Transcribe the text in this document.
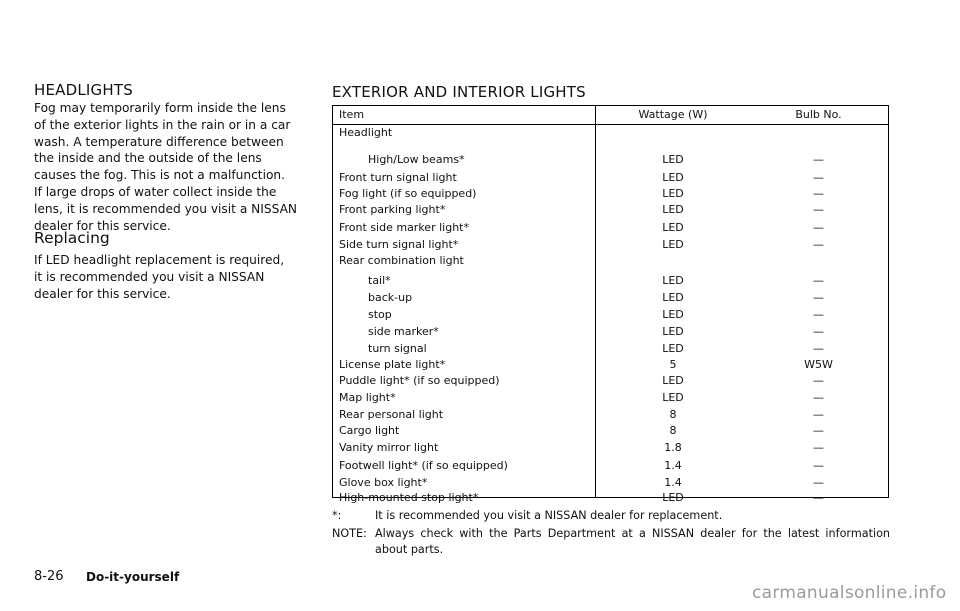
HEADLIGHTS
Fog may temporarily form inside the lens
of the exterior lights in the rain or in a car
wash. A temperature difference between
the inside and the outside of the lens
causes the fog. This is not a malfunction.
If large drops of water collect inside the
lens, it is recommended you visit a NISSAN
dealer for this service.
Replacing
If LED headlight replacement is required,
it is recommended you visit a NISSAN
dealer for this service.
EXTERIOR AND INTERIOR LIGHTS
Item	Wattage (W)	Bulb No.
Headlight
High/Low beams*	LED	—
Front turn signal light	LED	—
Fog light (if so equipped)	LED	—
Front parking light*	LED	—
Front side marker light*	LED	—
Side turn signal light*	LED	—
Rear combination light
tail*	LED	—
back-up	LED	—
stop	LED	—
side marker*	LED	—
turn signal	LED	—
License plate light*	5	W5W
Puddle light* (if so equipped)	LED	—
Map light*	LED	—
Rear personal light	8	—
Cargo light	8	—
Vanity mirror light	1.8	—
Footwell light* (if so equipped)	1.4	—
Glove box light*	1.4	—
High-mounted stop light*	LED	—
*:	It is recommended you visit a NISSAN dealer for replacement.
NOTE: Always check with the Parts Department at a NISSAN dealer for the latest information
about parts.
8-26 Do-it-yourself
carmanualsonline.info
